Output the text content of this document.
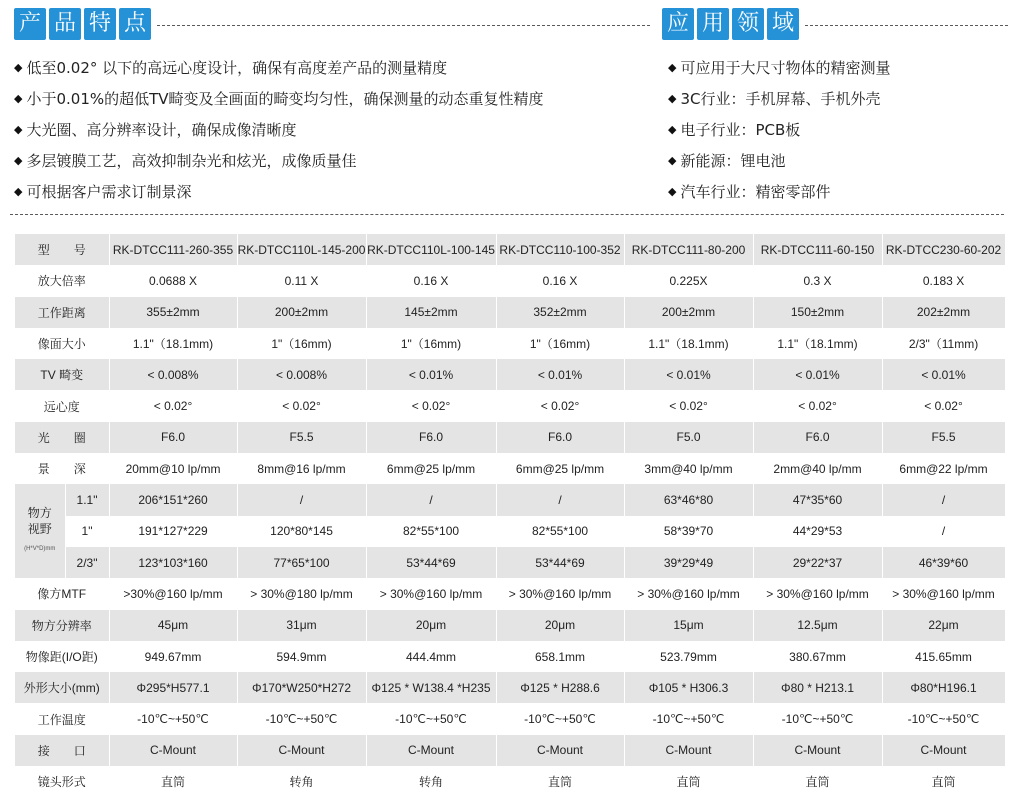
产 品 特 点	应 用 领 域
◆ 低至0.02° 以下的高远心度设计，确保有高度差产品的测量精度
◆ 小于0.01%的超低TV畸变及全画面的畸变均匀性，确保测量的动态重复性精度
◆ 大光圈、高分辨率设计，确保成像清晰度
◆ 多层镀膜工艺，高效抑制杂光和炫光，成像质量佳
◆ 可根据客户需求订制景深
◆ 可应用于大尺寸物体的精密测量
◆ 3C行业：手机屏幕、手机外壳
◆ 电子行业：PCB板
◆ 新能源：锂电池
◆ 汽车行业：精密零部件
型　　号		RK-DTCC111-260-355	RK-DTCC110L-145-200	RK-DTCC110L-100-145	RK-DTCC110-100-352	RK-DTCC111-80-200	RK-DTCC111-60-150	RK-DTCC230-60-202
放大倍率		0.0688 X	0.11 X	0.16 X	0.16 X	0.225X	0.3 X	0.183 X
工作距离		355±2mm	200±2mm	145±2mm	352±2mm	200±2mm	150±2mm	202±2mm
像面大小		1.1"（18.1mm)	1"（16mm)	1"（16mm)	1"（16mm)	1.1"（18.1mm)	1.1"（18.1mm)	2/3"（11mm)
TV 畸变		< 0.008%	< 0.008%	< 0.01%	< 0.01%	< 0.01%	< 0.01%	< 0.01%
远心度		< 0.02°	< 0.02°	< 0.02°	< 0.02°	< 0.02°	< 0.02°	< 0.02°
光　　圈		F6.0	F5.5	F6.0	F6.0	F5.0	F6.0	F5.5
景　　深		20mm@10 lp/mm	8mm@16 lp/mm	6mm@25 lp/mm	6mm@25 lp/mm	3mm@40 lp/mm	2mm@40 lp/mm	6mm@22 lp/mm

物方
视野
(H*V*D)mm	1.1"	206*151*260	/	/	/	63*46*80	47*35*60	/
	1"	191*127*229	120*80*145	82*55*100	82*55*100	58*39*70	44*29*53	/
	2/3"	123*103*160	77*65*100	53*44*69	53*44*69	39*29*49	29*22*37	46*39*60
像方MTF		>30%@160 lp/mm	> 30%@180 lp/mm	> 30%@160 lp/mm	> 30%@160 lp/mm	> 30%@160 lp/mm	> 30%@160 lp/mm	> 30%@160 lp/mm
物方分辨率		45μm	31μm	20μm	20μm	15μm	12.5μm	22μm
物像距(I/O距)		949.67mm	594.9mm	444.4mm	658.1mm	523.79mm	380.67mm	415.65mm
外形大小(mm)		Φ295*H577.1	Φ170*W250*H272	Φ125 * W138.4 *H235	Φ125 * H288.6	Φ105 * H306.3	Φ80 * H213.1	Φ80*H196.1
工作温度		-10℃~+50℃	-10℃~+50℃	-10℃~+50℃	-10℃~+50℃	-10℃~+50℃	-10℃~+50℃	-10℃~+50℃
接　　口		C-Mount	C-Mount	C-Mount	C-Mount	C-Mount	C-Mount	C-Mount
镜头形式		直筒	转角	转角	直筒	直筒	直筒	直筒
